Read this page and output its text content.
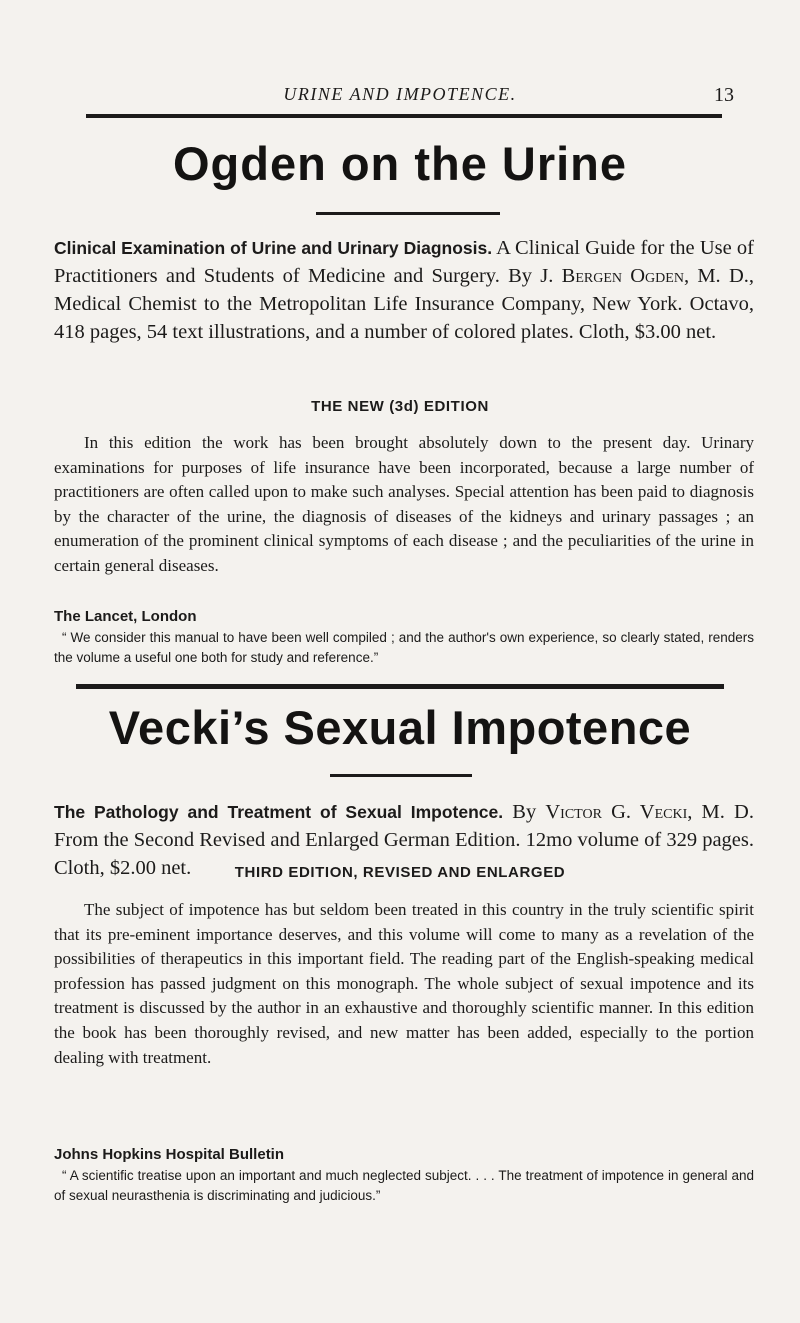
URINE AND IMPOTENCE.	13
Ogden on the Urine
Clinical Examination of Urine and Urinary Diagnosis. A Clinical Guide for the Use of Practitioners and Students of Medicine and Surgery. By J. Bergen Ogden, M. D., Medical Chemist to the Metropolitan Life Insurance Company, New York. Octavo, 418 pages, 54 text illustrations, and a number of colored plates. Cloth, $3.00 net.
THE NEW (3d) EDITION
In this edition the work has been brought absolutely down to the present day. Urinary examinations for purposes of life insurance have been incorporated, because a large number of practitioners are often called upon to make such analyses. Special attention has been paid to diagnosis by the character of the urine, the diagnosis of diseases of the kidneys and urinary passages ; an enumeration of the prominent clinical symptoms of each disease ; and the peculiarities of the urine in certain general diseases.
The Lancet, London
“ We consider this manual to have been well compiled ; and the author's own experience, so clearly stated, renders the volume a useful one both for study and reference.”
Vecki’s Sexual Impotence
The Pathology and Treatment of Sexual Impotence. By Victor G. Vecki, M. D. From the Second Revised and Enlarged German Edition. 12mo volume of 329 pages. Cloth, $2.00 net.	THIRD EDITION, REVISED AND ENLARGED
The subject of impotence has but seldom been treated in this country in the truly scientific spirit that its pre-eminent importance deserves, and this volume will come to many as a revelation of the possibilities of therapeutics in this important field. The reading part of the English-speaking medical profession has passed judgment on this monograph. The whole subject of sexual impotence and its treatment is discussed by the author in an exhaustive and thoroughly scientific manner. In this edition the book has been thoroughly revised, and new matter has been added, especially to the portion dealing with treatment.
Johns Hopkins Hospital Bulletin
“ A scientific treatise upon an important and much neglected subject. . . . The treatment of impotence in general and of sexual neurasthenia is discriminating and judicious.”
